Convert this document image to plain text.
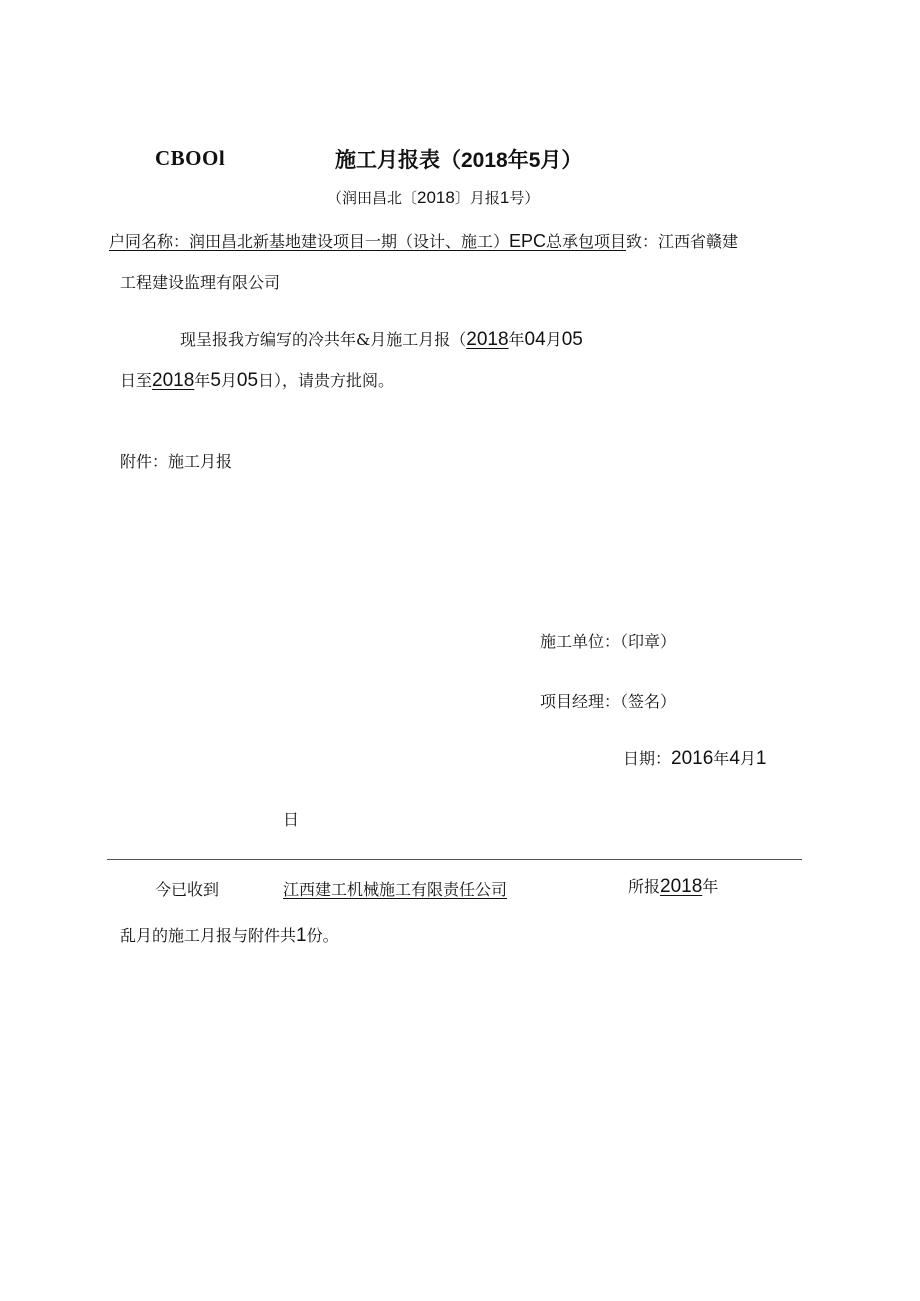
CBOOl	施工月报表（2018年5月）
（润田昌北〔2018〕月报1号）
户同名称：润田昌北新基地建设项目一期（设计、施工）EPC总承包项目致：江西省赣建
工程建设监理有限公司
现呈报我方编写的冷共年&月施工月报（2018年04月05
日至2018年5月05日），请贵方批阅。
附件：施工月报
施工单位：（印章）
项目经理：（签名）
日期：2016年4月1
日
今已收到	江西建工机械施工有限责任公司	所报2018年
乱月的施工月报与附件共1份。
